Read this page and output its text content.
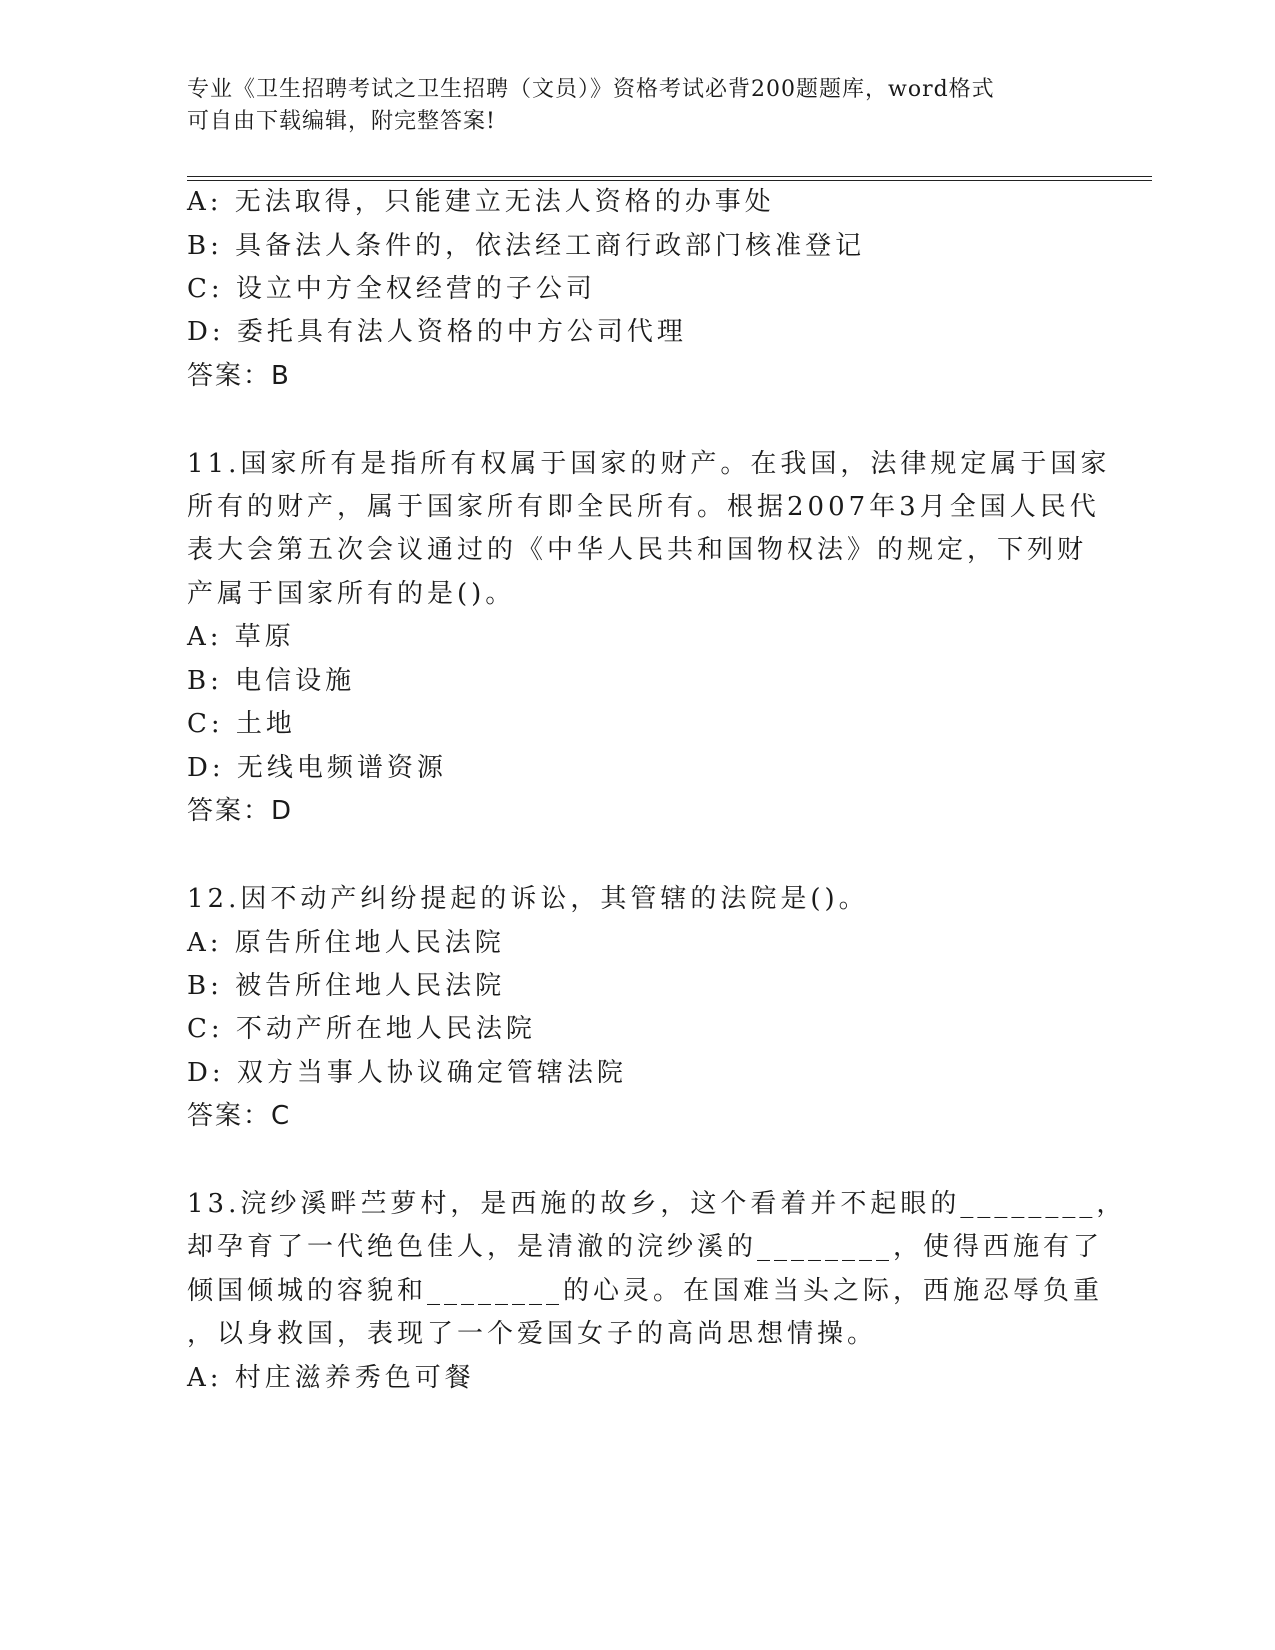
专业《卫生招聘考试之卫生招聘（文员）》资格考试必背200题题库，word格式
可自由下载编辑，附完整答案!
A: 无法取得，只能建立无法人资格的办事处
B: 具备法人条件的，依法经工商行政部门核准登记
C: 设立中方全权经营的子公司
D: 委托具有法人资格的中方公司代理
答案：B
11.国家所有是指所有权属于国家的财产。在我国，法律规定属于国家
所有的财产，属于国家所有即全民所有。根据2007年3月全国人民代
表大会第五次会议通过的《中华人民共和国物权法》的规定，下列财
产属于国家所有的是()。
A: 草原
B: 电信设施
C: 土地
D: 无线电频谱资源
答案：D
12.因不动产纠纷提起的诉讼，其管辖的法院是()。
A: 原告所住地人民法院
B: 被告所住地人民法院
C: 不动产所在地人民法院
D: 双方当事人协议确定管辖法院
答案：C
13.浣纱溪畔苎萝村，是西施的故乡，这个看着并不起眼的________，
却孕育了一代绝色佳人，是清澈的浣纱溪的________，使得西施有了
倾国倾城的容貌和________的心灵。在国难当头之际，西施忍辱负重
，以身救国，表现了一个爱国女子的高尚思想情操。
A: 村庄滋养秀色可餐
